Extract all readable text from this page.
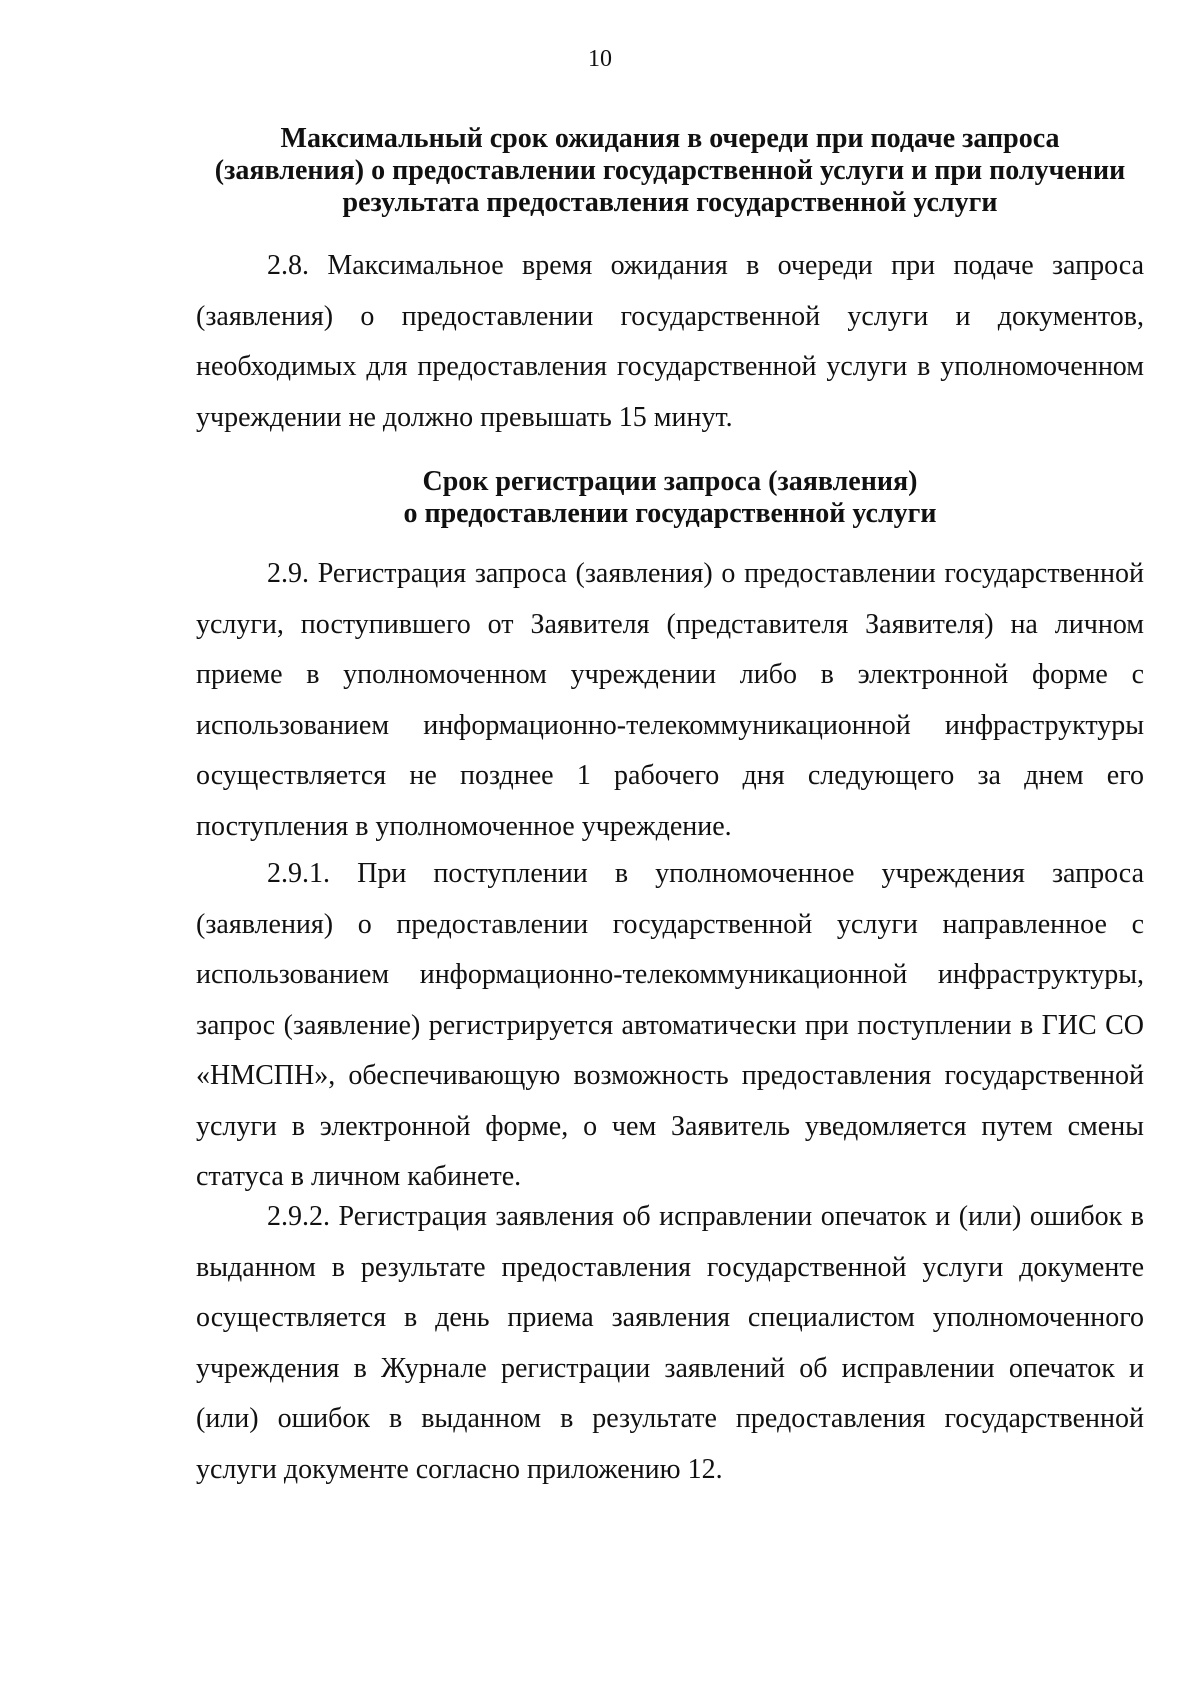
10
Максимальный срок ожидания в очереди при подаче запроса
(заявления) о предоставлении государственной услуги и при получении
результата предоставления государственной услуги

2.8. Максимальное время ожидания в очереди при подаче запроса (заявления) о предоставлении государственной услуги и документов, необходимых для предоставления государственной услуги в уполномоченном учреждении не должно превышать 15 минут.

Срок регистрации запроса (заявления)
о предоставлении государственной услуги

2.9. Регистрация запроса (заявления) о предоставлении государственной услуги, поступившего от Заявителя (представителя Заявителя) на личном приеме в уполномоченном учреждении либо в электронной форме с использованием информационно-телекоммуникационной инфраструктуры осуществляется не позднее 1 рабочего дня следующего за днем его поступления в уполномоченное учреждение.

2.9.1. При поступлении в уполномоченное учреждения запроса (заявления) о предоставлении государственной услуги направленное с использованием информационно-телекоммуникационной инфраструктуры, запрос (заявление) регистрируется автоматически при поступлении в ГИС СО «НМСПН», обеспечивающую возможность предоставления государственной услуги в электронной форме, о чем Заявитель уведомляется путем смены статуса в личном кабинете.

2.9.2. Регистрация заявления об исправлении опечаток и (или) ошибок в выданном в результате предоставления государственной услуги документе осуществляется в день приема заявления специалистом уполномоченного учреждения в Журнале регистрации заявлений об исправлении опечаток и (или) ошибок в выданном в результате предоставления государственной услуги документе согласно приложению 12.
